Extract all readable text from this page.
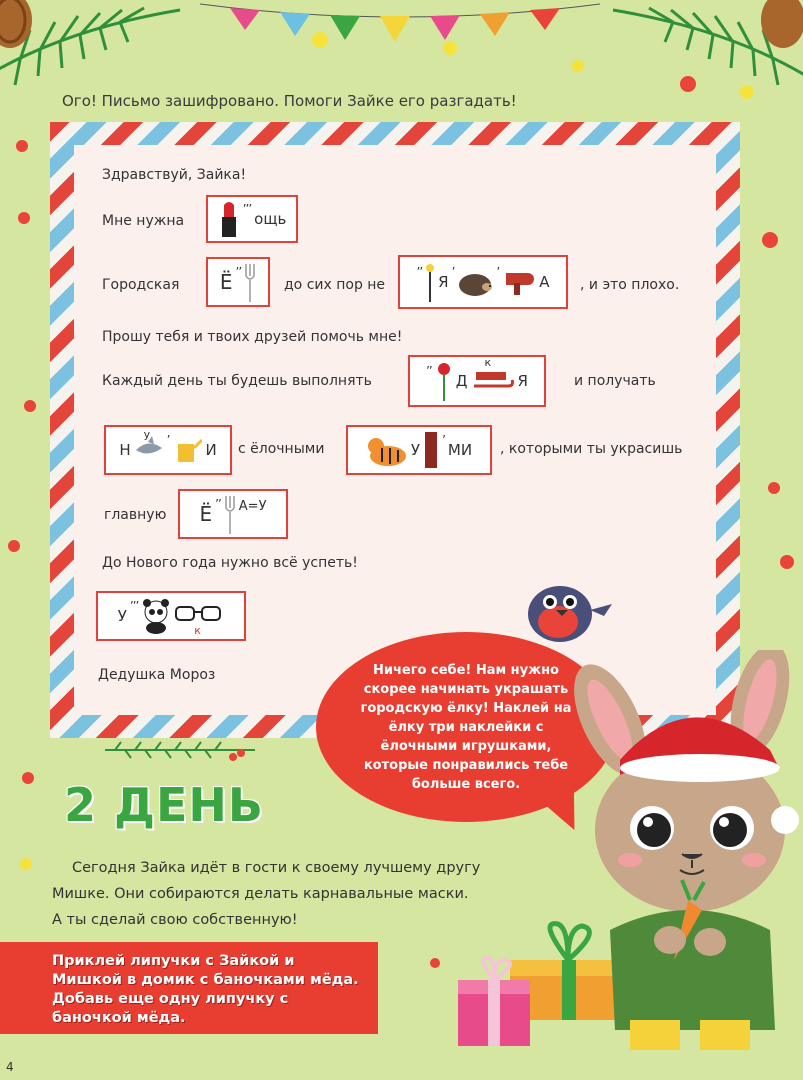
Ого! Письмо зашифровано. Помоги Зайке его разгадать!
Здравствуй, Зайка!
Мне нужна
’’’
ощь
Городская Ё ’’
до сих пор не
’’
Я
’	’
А , и это плохо.
Прошу тебя и твоих друзей помочь мне!
Каждый день ты будешь выполнять
’’
Д
к
Я	и получать
Н
у ’
И с ёлочными	У
’
МИ , которыми ты украсишь
главную Ё ’’ А=У
До Нового года нужно всё успеть!
У
’’’
к
Дедушка Мороз	Ничего себе! Нам нужно скорее начинать украшать городскую ёлку! Наклей на ёлку три наклейки с ёлочными игрушками, которые понравились тебе больше всего.
2 ДЕНЬ
Сегодня Зайка идёт в гости к своему лучшему другу
Мишке. Они собираются делать карнавальные маски.
А ты сделай свою собственную!
Приклей липучки с Зайкой и Мишкой в домик с баночками мёда. Добавь еще одну липучку с баночкой мёда.
4
